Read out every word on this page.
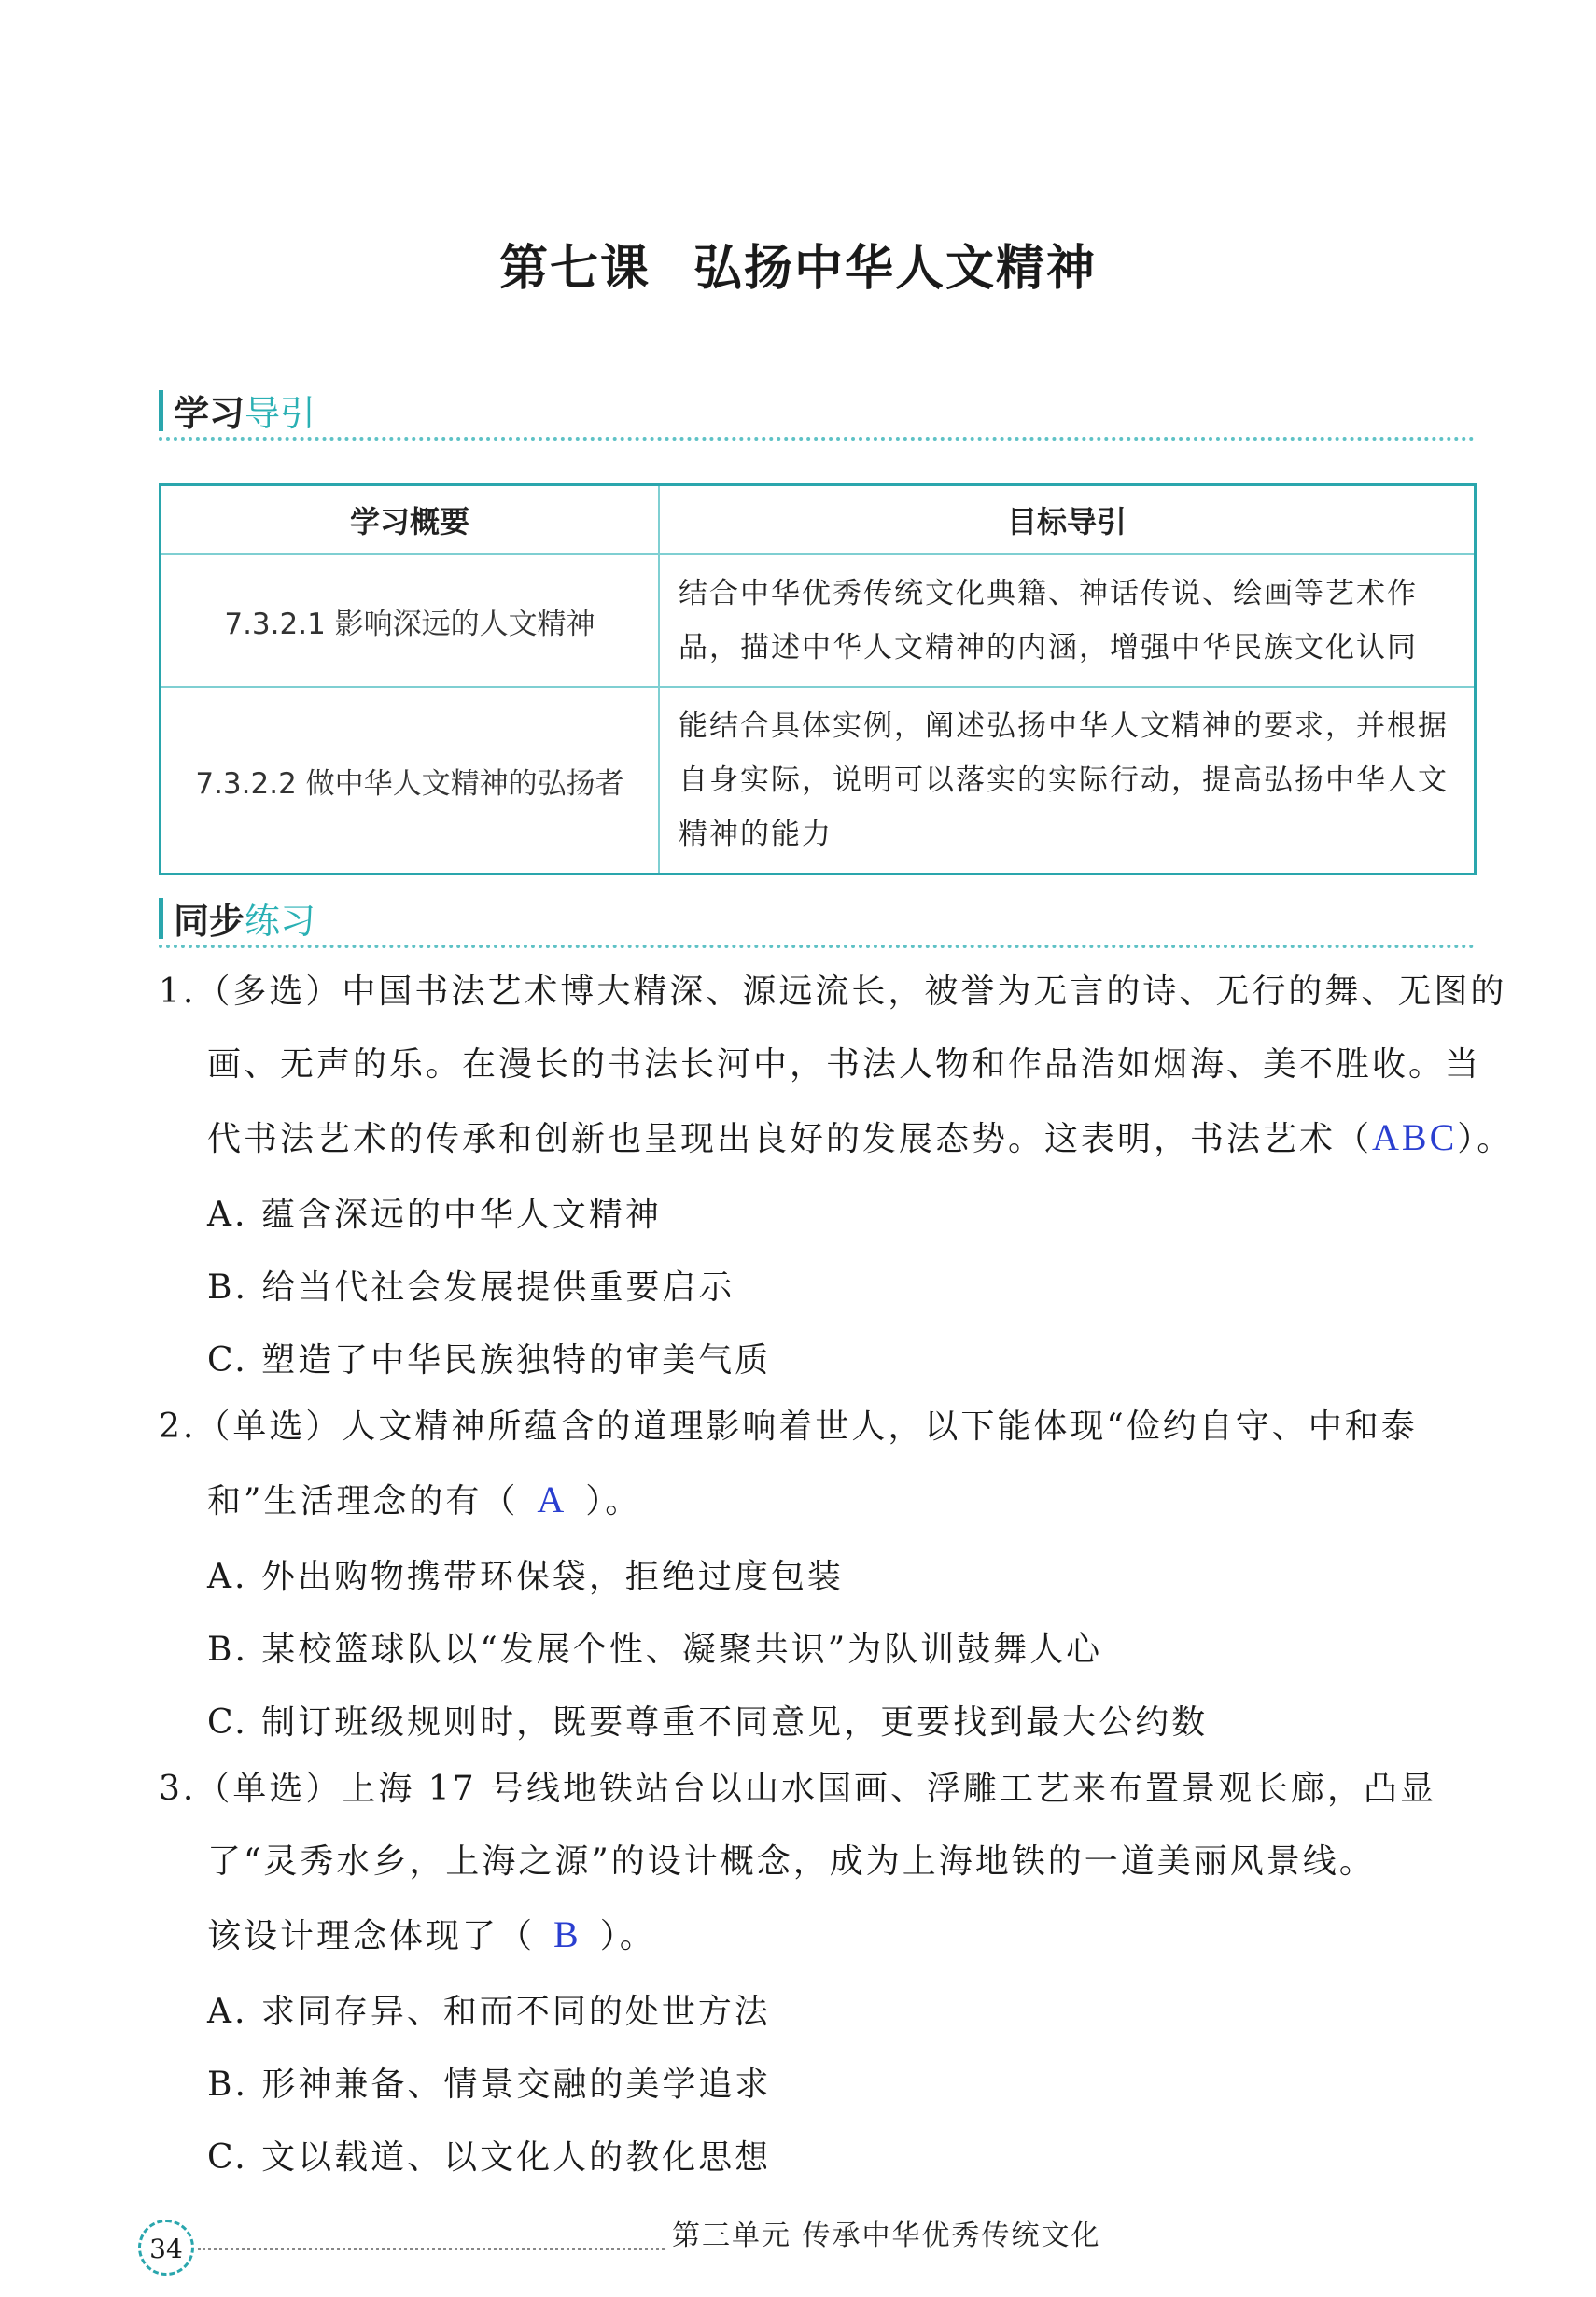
第七课 弘扬中华人文精神
学习导引
学习概要	目标导引
7.3.2.1 影响深远的人文精神	结合中华优秀传统文化典籍、神话传说、绘画等艺术作
品，描述中华人文精神的内涵，增强中华民族文化认同

7.3.2.2 做中华人文精神的弘扬者	能结合具体实例，阐述弘扬中华人文精神的要求，并根据
自身实际，说明可以落实的实际行动，提高弘扬中华人文
精神的能力
同步练习
1.（多选）中国书法艺术博大精深、源远流长，被誉为无言的诗、无行的舞、无图的
画、无声的乐。在漫长的书法长河中，书法人物和作品浩如烟海、美不胜收。当
代书法艺术的传承和创新也呈现出良好的发展态势。这表明，书法艺术（ABC）。
A. 蕴含深远的中华人文精神
B. 给当代社会发展提供重要启示
C. 塑造了中华民族独特的审美气质
2.（单选）人文精神所蕴含的道理影响着世人，以下能体现“俭约自守、中和泰
和”生活理念的有（ A ）。
A. 外出购物携带环保袋，拒绝过度包装
B. 某校篮球队以“发展个性、凝聚共识”为队训鼓舞人心
C. 制订班级规则时，既要尊重不同意见，更要找到最大公约数
3.（单选）上海 17 号线地铁站台以山水国画、浮雕工艺来布置景观长廊，凸显
了“灵秀水乡，上海之源”的设计概念，成为上海地铁的一道美丽风景线。
该设计理念体现了（ B ）。
A. 求同存异、和而不同的处世方法
B. 形神兼备、情景交融的美学追求
C. 文以载道、以文化人的教化思想
34	第三单元 传承中华优秀传统文化
